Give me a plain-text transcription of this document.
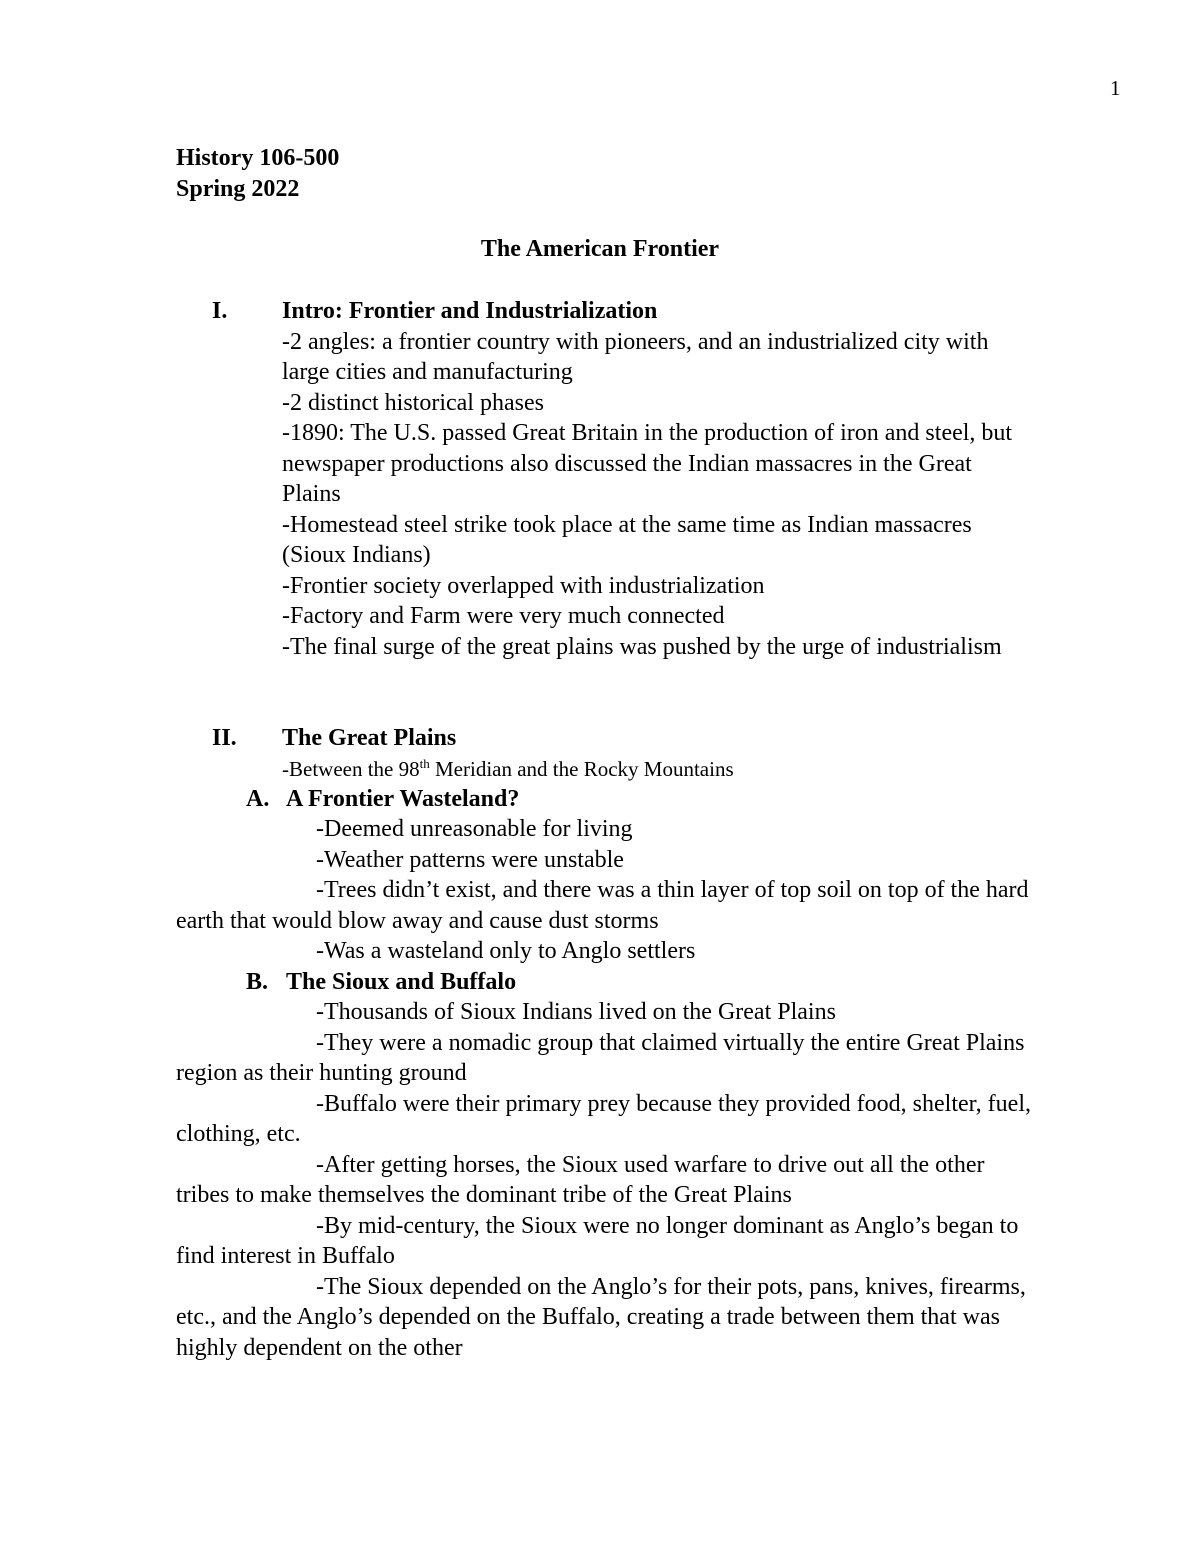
1
History 106-500
Spring 2022
The American Frontier
I. Intro: Frontier and Industrialization
-2 angles: a frontier country with pioneers, and an industrialized city with large cities and manufacturing
-2 distinct historical phases
-1890: The U.S. passed Great Britain in the production of iron and steel, but newspaper productions also discussed the Indian massacres in the Great Plains
-Homestead steel strike took place at the same time as Indian massacres (Sioux Indians)
-Frontier society overlapped with industrialization
-Factory and Farm were very much connected
-The final surge of the great plains was pushed by the urge of industrialism
II. The Great Plains
-Between the 98th Meridian and the Rocky Mountains
A. A Frontier Wasteland?
-Deemed unreasonable for living
-Weather patterns were unstable
-Trees didn’t exist, and there was a thin layer of top soil on top of the hard earth that would blow away and cause dust storms
-Was a wasteland only to Anglo settlers
B. The Sioux and Buffalo
-Thousands of Sioux Indians lived on the Great Plains
-They were a nomadic group that claimed virtually the entire Great Plains region as their hunting ground
-Buffalo were their primary prey because they provided food, shelter, fuel, clothing, etc.
-After getting horses, the Sioux used warfare to drive out all the other tribes to make themselves the dominant tribe of the Great Plains
-By mid-century, the Sioux were no longer dominant as Anglo’s began to find interest in Buffalo
-The Sioux depended on the Anglo’s for their pots, pans, knives, firearms, etc., and the Anglo’s depended on the Buffalo, creating a trade between them that was highly dependent on the other
